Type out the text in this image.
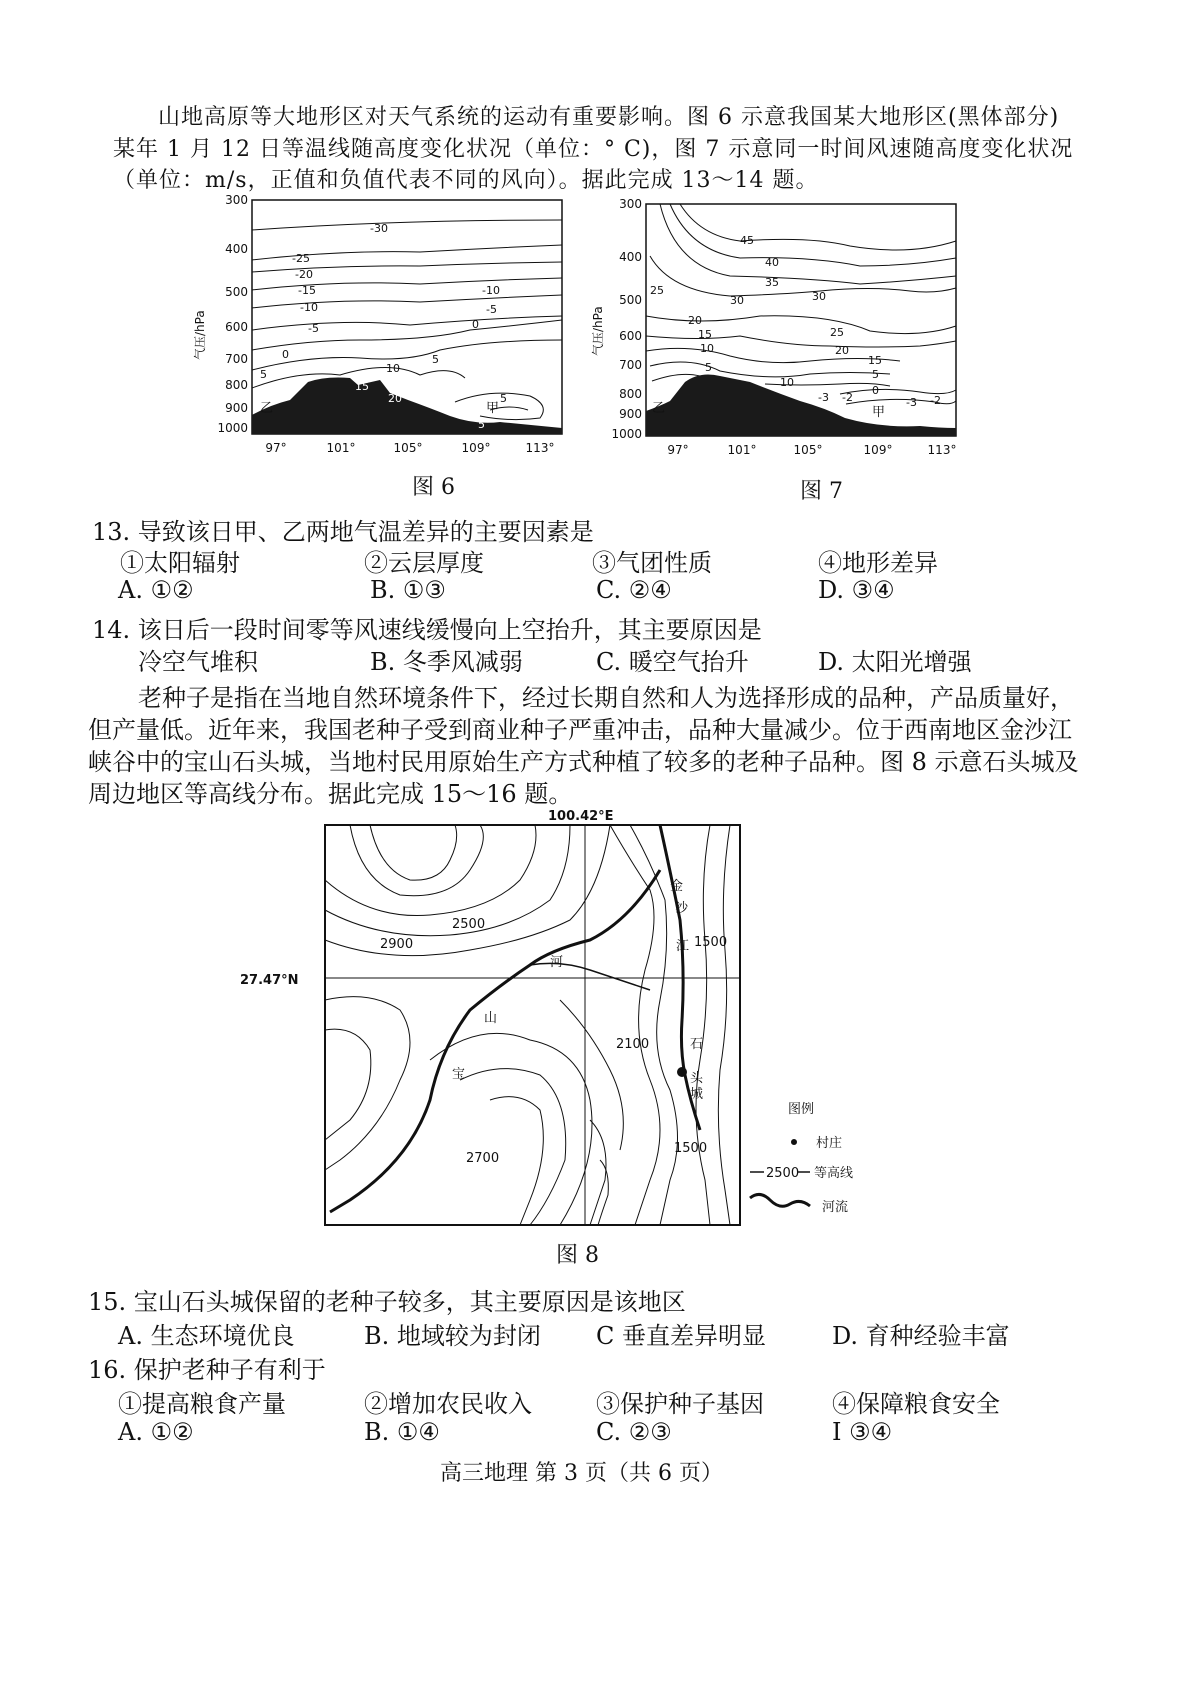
山地高原等大地形区对天气系统的运动有重要影响。图 6 示意我国某大地形区(黑体部分)
某年 1 月 12 日等温线随高度变化状况（单位：° C)，图 7 示意同一时间风速随高度变化状况
（单位：m/s，正值和负值代表不同的风向）。据此完成 13～14 题。
300
400
500
600
700
800
900
1000
气压/hPa
97°	101°	105°	109°	113°
-30
-25
-20
-15
-10
-10
-5
-5
0
0
5
5
10
15
20	5
5
乙	甲
图 6
300
400
500
600
700
800
900
1000
气压/hPa
97°	101°	105°	109°	113°
45
40
35
30	30
25
25
20
20
15
15
10
10
5
5
0
-3 -2	-3 -2
乙	甲
图 7
13. 导致该日甲、乙两地气温差异的主要因素是
①太阳辐射	②云层厚度	③气团性质	④地形差异
A. ①②	B. ①③	C. ②④	D. ③④
14. 该日后一段时间零等风速线缓慢向上空抬升，其主要原因是
冷空气堆积	B. 冬季风减弱	C. 暖空气抬升	D. 太阳光增强
老种子是指在当地自然环境条件下，经过长期自然和人为选择形成的品种，产品质量好，
但产量低。近年来，我国老种子受到商业种子严重冲击，品种大量减少。位于西南地区金沙江
峡谷中的宝山石头城，当地村民用原始生产方式种植了较多的老种子品种。图 8 示意石头城及
周边地区等高线分布。据此完成 15～16 题。
100.42°E
27.47°N
2500
2900	1500
2100
1500
2700
金
沙
江
河
山
宝
石
头
城
图例
村庄
2500 等高线
河流
图 8
15. 宝山石头城保留的老种子较多，其主要原因是该地区
A. 生态环境优良	B. 地域较为封闭 C 垂直差异明显	D. 育种经验丰富
16. 保护老种子有利于
①提高粮食产量	②增加农民收入	③保护种子基因	④保障粮食安全
A. ①②	B. ①④	C. ②③	I ③④
高三地理 第 3 页（共 6 页）
